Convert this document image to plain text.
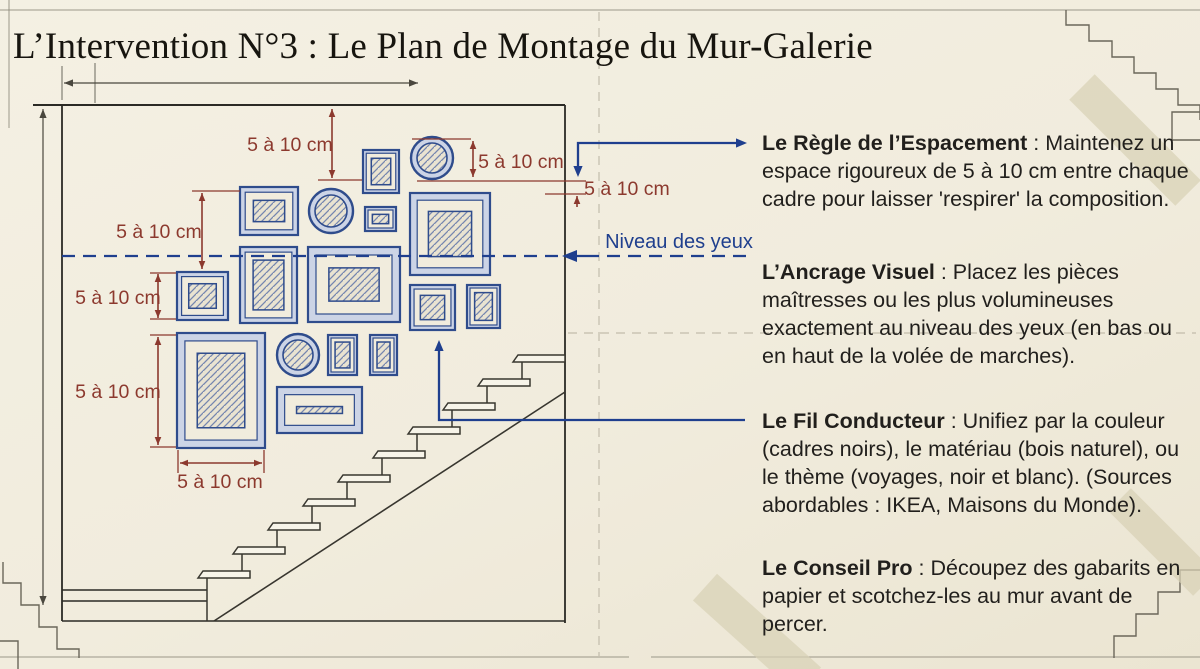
Niveau des yeux
5 à 10 cm
5 à 10 cm
5 à 10 cm
5 à 10 cm
5 à 10 cm
5 à 10 cm
5 à 10 cm
L’Intervention N°3 : Le Plan de Montage du Mur-Galerie
Le Règle de l’Espacement : Maintenez un espace rigoureux de 5 à 10 cm entre chaque cadre pour laisser 'respirer' la composition.
L’Ancrage Visuel : Placez les pièces maîtresses ou les plus volumineuses exactement au niveau des yeux (en bas ou en haut de la volée de marches).
Le Fil Conducteur : Unifiez par la couleur (cadres noirs), le matériau (bois naturel), ou le thème (voyages, noir et blanc). (Sources abordables : IKEA, Maisons du Monde).
Le Conseil Pro : Découpez des gabarits en papier et scotchez-les au mur avant de percer.
